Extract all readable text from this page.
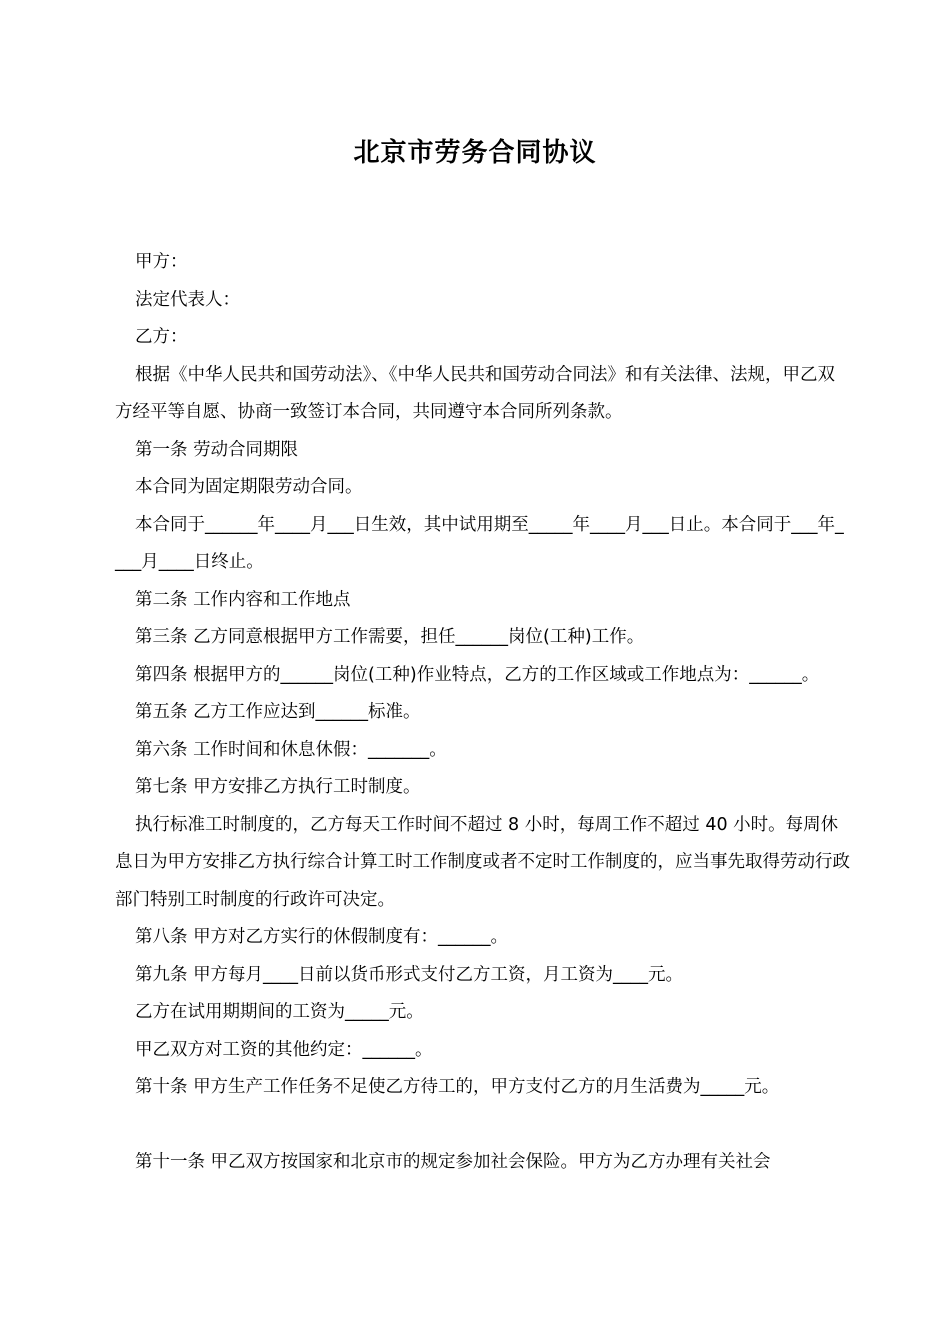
北京市劳务合同协议

甲方：

法定代表人：

乙方：

根据《中华人民共和国劳动法》、《中华人民共和国劳动合同法》和有关法律、法规，甲乙双方经平等自愿、协商一致签订本合同，共同遵守本合同所列条款。

第一条 劳动合同期限

本合同为固定期限劳动合同。

本合同于______年____月___日生效，其中试用期至_____年____月___日止。本合同于___年____月____日终止。

第二条 工作内容和工作地点

第三条 乙方同意根据甲方工作需要，担任______岗位(工种)工作。

第四条 根据甲方的______岗位(工种)作业特点，乙方的工作区域或工作地点为：______。

第五条 乙方工作应达到______标准。

第六条 工作时间和休息休假：_______。

第七条 甲方安排乙方执行工时制度。

执行标准工时制度的，乙方每天工作时间不超过 8 小时，每周工作不超过 40 小时。每周休息日为甲方安排乙方执行综合计算工时工作制度或者不定时工作制度的，应当事先取得劳动行政部门特别工时制度的行政许可决定。

第八条 甲方对乙方实行的休假制度有：______。

第九条 甲方每月____日前以货币形式支付乙方工资，月工资为____元。

乙方在试用期期间的工资为_____元。

甲乙双方对工资的其他约定：______。

第十条 甲方生产工作任务不足使乙方待工的，甲方支付乙方的月生活费为_____元。

第十一条 甲乙双方按国家和北京市的规定参加社会保险。甲方为乙方办理有关社会
